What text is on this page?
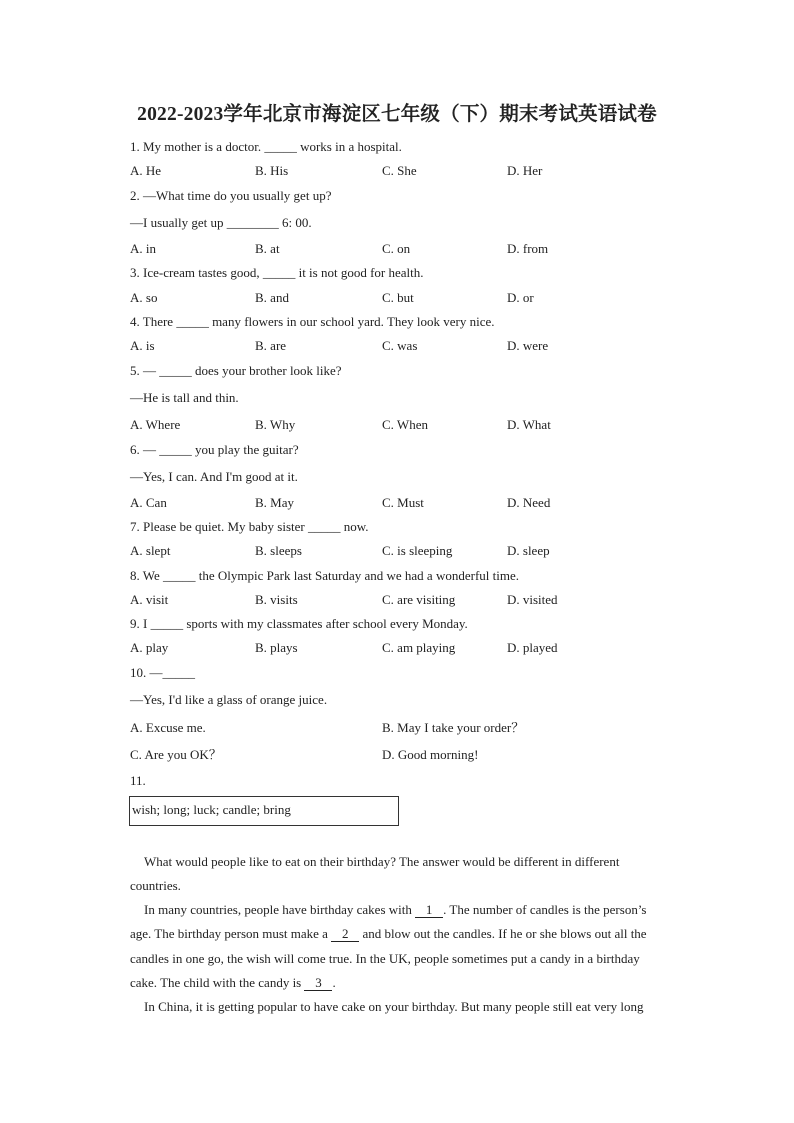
2022-2023学年北京市海淀区七年级（下）期末考试英语试卷
1. My mother is a doctor. _____ works in a hospital.
A. He	B. His	C. She	D. Her
2. —What time do you usually get up?
—I usually get up ________ 6: 00.
A. in	B. at	C. on	D. from
3. Ice-cream tastes good, _____ it is not good for health.
A. so	B. and	C. but	D. or
4. There _____ many flowers in our school yard. They look very nice.
A. is	B. are	C. was	D. were
5. — _____ does your brother look like?
—He is tall and thin.
A. Where	B. Why	C. When	D. What
6. — _____ you play the guitar?
—Yes, I can. And I'm good at it.
A. Can	B. May	C. Must	D. Need
7. Please be quiet. My baby sister _____ now.
A. slept	B. sleeps	C. is sleeping	D. sleep
8. We _____ the Olympic Park last Saturday and we had a wonderful time.
A. visit	B. visits	C. are visiting	D. visited
9. I _____ sports with my classmates after school every Monday.
A. play	B. plays	C. am playing	D. played
10. —_____
—Yes, I'd like a glass of orange juice.
A. Excuse me.	B. May I take your order？
C. Are you OK？	D. Good morning!
11.
wish; long; luck; candle; bring
What would people like to eat on their birthday? The answer would be different in different
countries.
In many countries, people have birthday cakes with 1 . The number of candles is the person’s
age. The birthday person must make a 2 and blow out the candles. If he or she blows out all the
candles in one go, the wish will come true. In the UK, people sometimes put a candy in a birthday
cake. The child with the candy is 3 .
In China, it is getting popular to have cake on your birthday. But many people still eat very long
